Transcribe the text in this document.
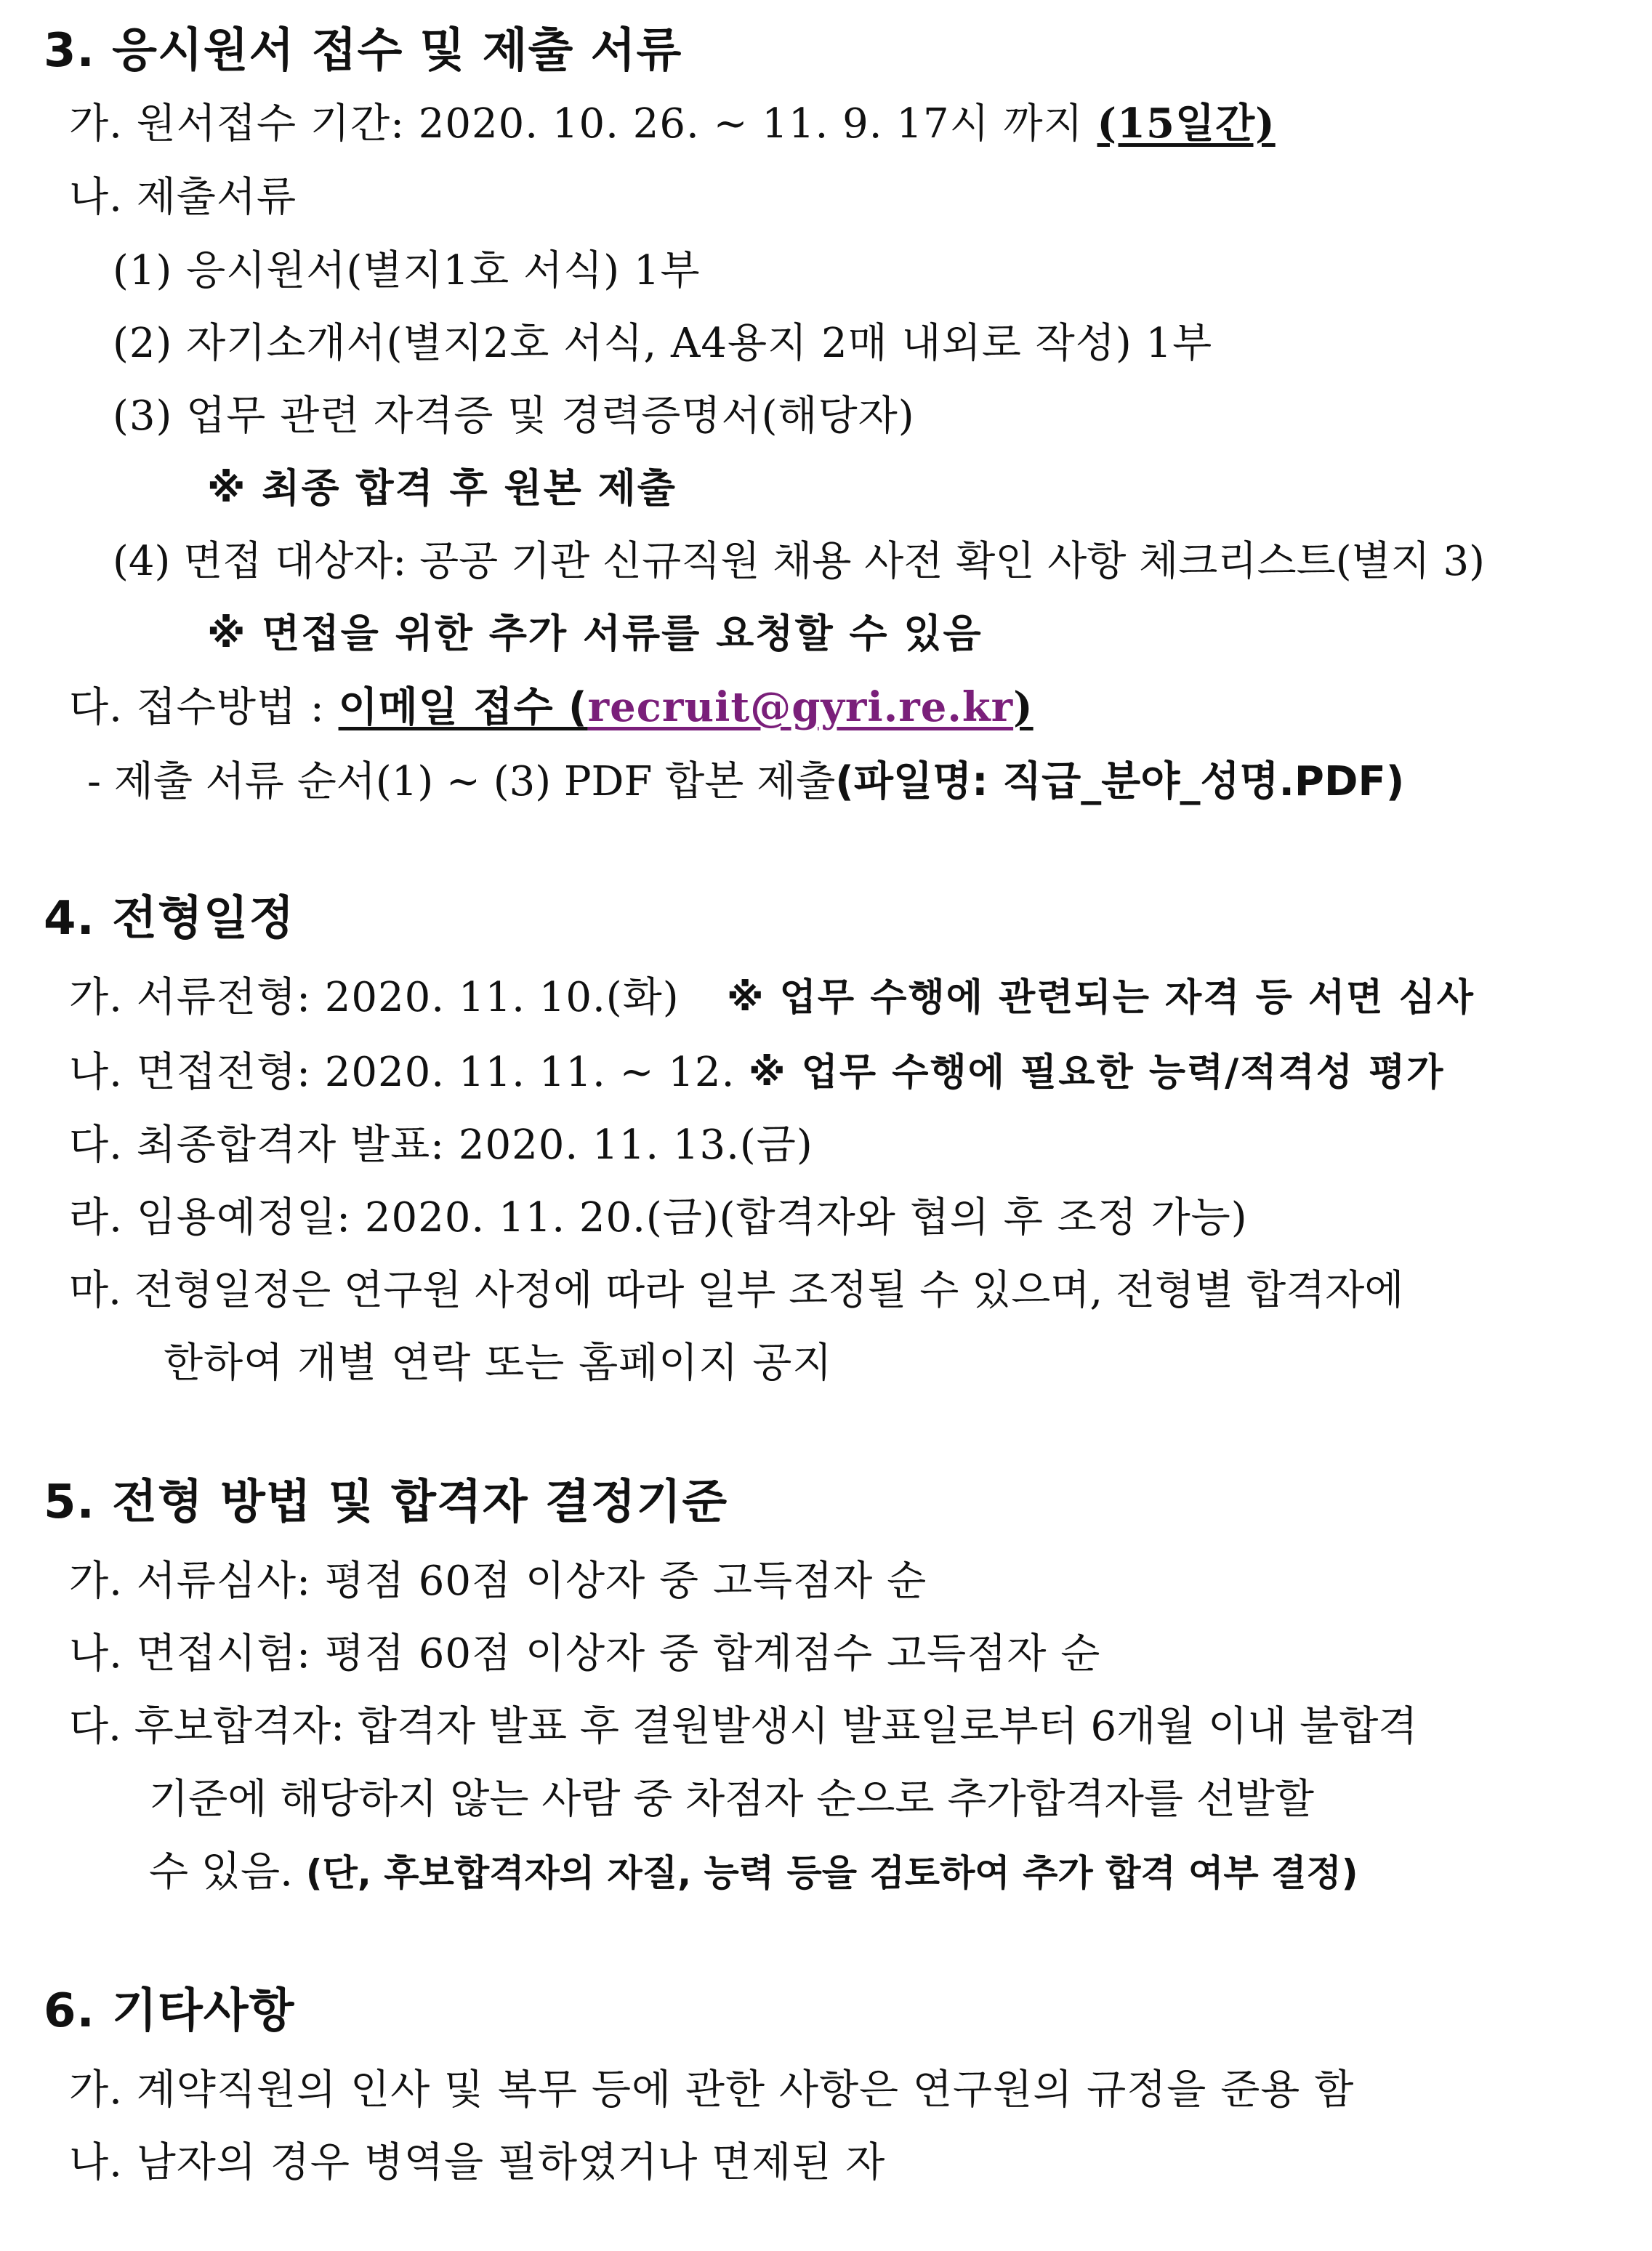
3. 응시원서 접수 및 제출 서류
가. 원서접수 기간: 2020. 10. 26. ~ 11. 9. 17시 까지 (15일간)
나. 제출서류
(1) 응시원서(별지1호 서식) 1부
(2) 자기소개서(별지2호 서식, A4용지 2매 내외로 작성) 1부
(3) 업무 관련 자격증 및 경력증명서(해당자)
※ 최종 합격 후 원본 제출
(4) 면접 대상자: 공공 기관 신규직원 채용 사전 확인 사항 체크리스트(별지 3)
※ 면접을 위한 추가 서류를 요청할 수 있음
다. 접수방법 : 이메일 접수 (recruit@gyri.re.kr)
- 제출 서류 순서(1) ~ (3) PDF 합본 제출(파일명: 직급_분야_성명.PDF)
4. 전형일정
가. 서류전형: 2020. 11. 10.(화) ※ 업무 수행에 관련되는 자격 등 서면 심사
나. 면접전형: 2020. 11. 11. ~ 12. ※ 업무 수행에 필요한 능력/적격성 평가
다. 최종합격자 발표: 2020. 11. 13.(금)
라. 임용예정일: 2020. 11. 20.(금)(합격자와 협의 후 조정 가능)
마. 전형일정은 연구원 사정에 따라 일부 조정될 수 있으며, 전형별 합격자에
한하여 개별 연락 또는 홈페이지 공지
5. 전형 방법 및 합격자 결정기준
가. 서류심사: 평점 60점 이상자 중 고득점자 순
나. 면접시험: 평점 60점 이상자 중 합계점수 고득점자 순
다. 후보합격자: 합격자 발표 후 결원발생시 발표일로부터 6개월 이내 불합격
기준에 해당하지 않는 사람 중 차점자 순으로 추가합격자를 선발할
수 있음. (단, 후보합격자의 자질, 능력 등을 검토하여 추가 합격 여부 결정)
6. 기타사항
가. 계약직원의 인사 및 복무 등에 관한 사항은 연구원의 규정을 준용 함
나. 남자의 경우 병역을 필하였거나 면제된 자
